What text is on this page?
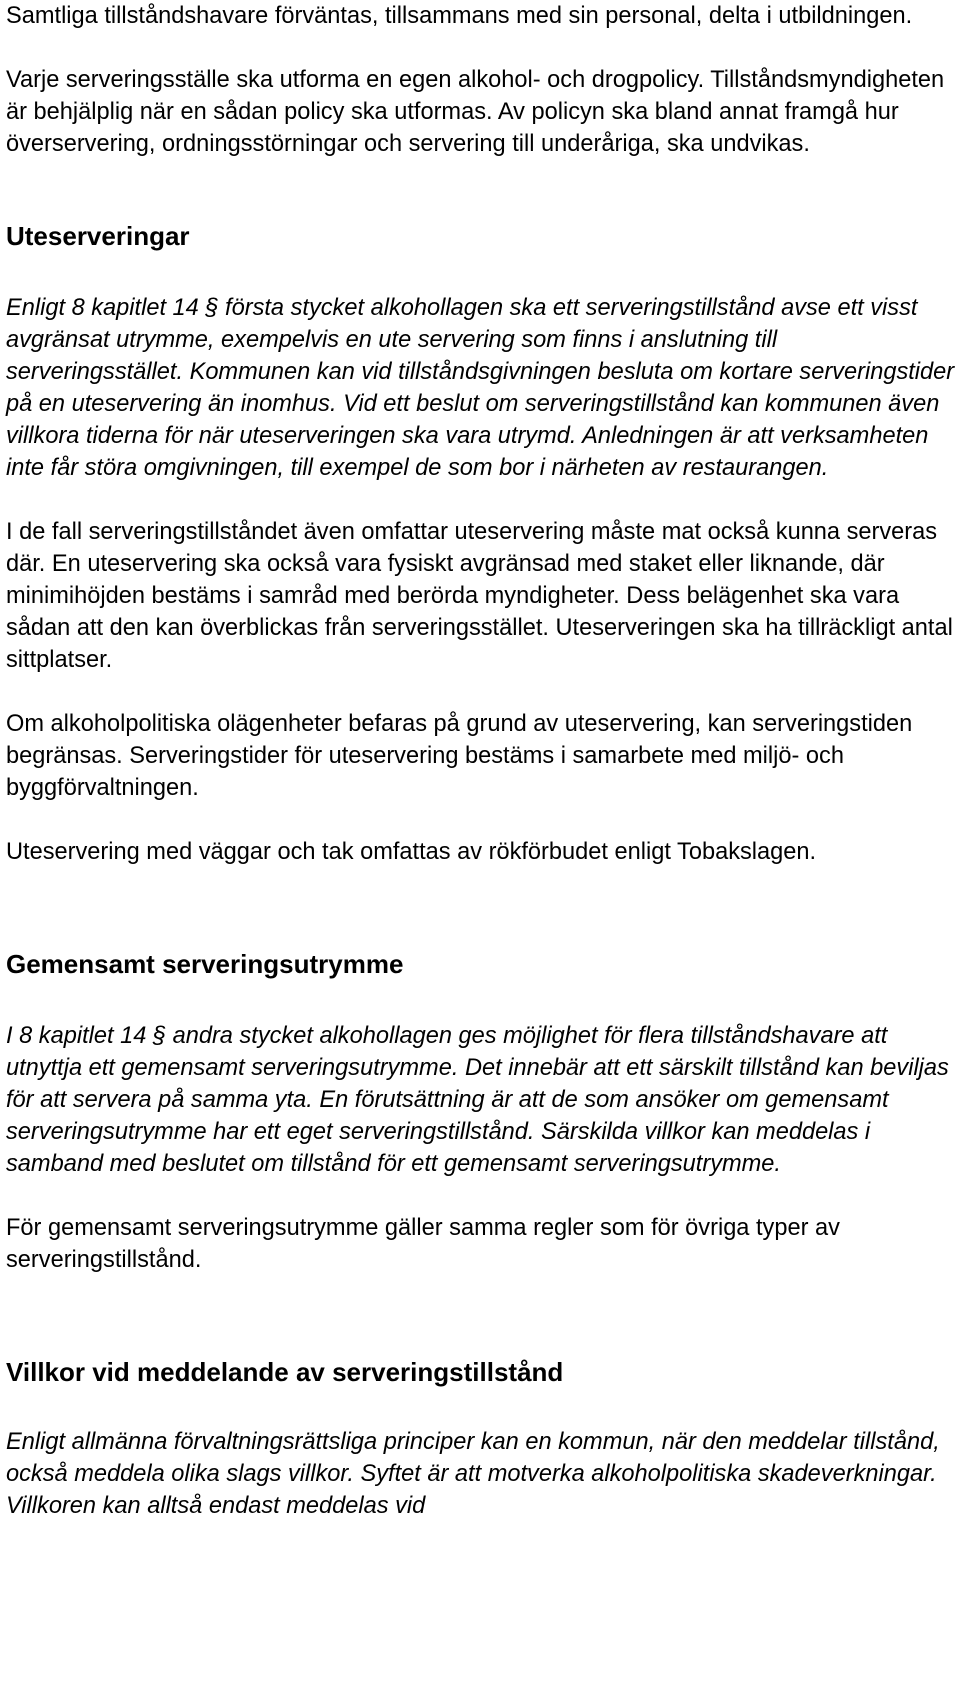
Samtliga tillståndshavare förväntas, tillsammans med sin personal, delta i utbildningen.

Varje serveringsställe ska utforma en egen alkohol- och drogpolicy. Tillståndsmyndigheten är behjälplig när en sådan policy ska utformas. Av policyn ska bland annat framgå hur överservering, ordningsstörningar och servering till underåriga, ska undvikas.

Uteserveringar

Enligt 8 kapitlet 14 § första stycket alkohollagen ska ett serveringstillstånd avse ett visst avgränsat utrymme, exempelvis en ute servering som finns i anslutning till serveringsstället. Kommunen kan vid tillståndsgivningen besluta om kortare serveringstider på en uteservering än inomhus. Vid ett beslut om serveringstillstånd kan kommunen även villkora tiderna för när uteserveringen ska vara utrymd. Anledningen är att verksamheten inte får störa omgivningen, till exempel de som bor i närheten av restaurangen.

I de fall serveringstillståndet även omfattar uteservering måste mat också kunna serveras där. En uteservering ska också vara fysiskt avgränsad med staket eller liknande, där minimihöjden bestäms i samråd med berörda myndigheter. Dess belägenhet ska vara sådan att den kan överblickas från serveringsstället. Uteserveringen ska ha tillräckligt antal sittplatser.

Om alkoholpolitiska olägenheter befaras på grund av uteservering, kan serveringstiden begränsas. Serveringstider för uteservering bestäms i samarbete med miljö- och byggförvaltningen.

Uteservering med väggar och tak omfattas av rökförbudet enligt Tobakslagen.

Gemensamt serveringsutrymme

I 8 kapitlet 14 § andra stycket alkohollagen ges möjlighet för flera tillståndshavare att utnyttja ett gemensamt serveringsutrymme. Det innebär att ett särskilt tillstånd kan beviljas för att servera på samma yta. En förutsättning är att de som ansöker om gemensamt serveringsutrymme har ett eget serveringstillstånd. Särskilda villkor kan meddelas i samband med beslutet om tillstånd för ett gemensamt serveringsutrymme.

För gemensamt serveringsutrymme gäller samma regler som för övriga typer av serveringstillstånd.

Villkor vid meddelande av serveringstillstånd

Enligt allmänna förvaltningsrättsliga principer kan en kommun, när den meddelar tillstånd, också meddela olika slags villkor. Syftet är att motverka alkoholpolitiska skadeverkningar. Villkoren kan alltså endast meddelas vid
